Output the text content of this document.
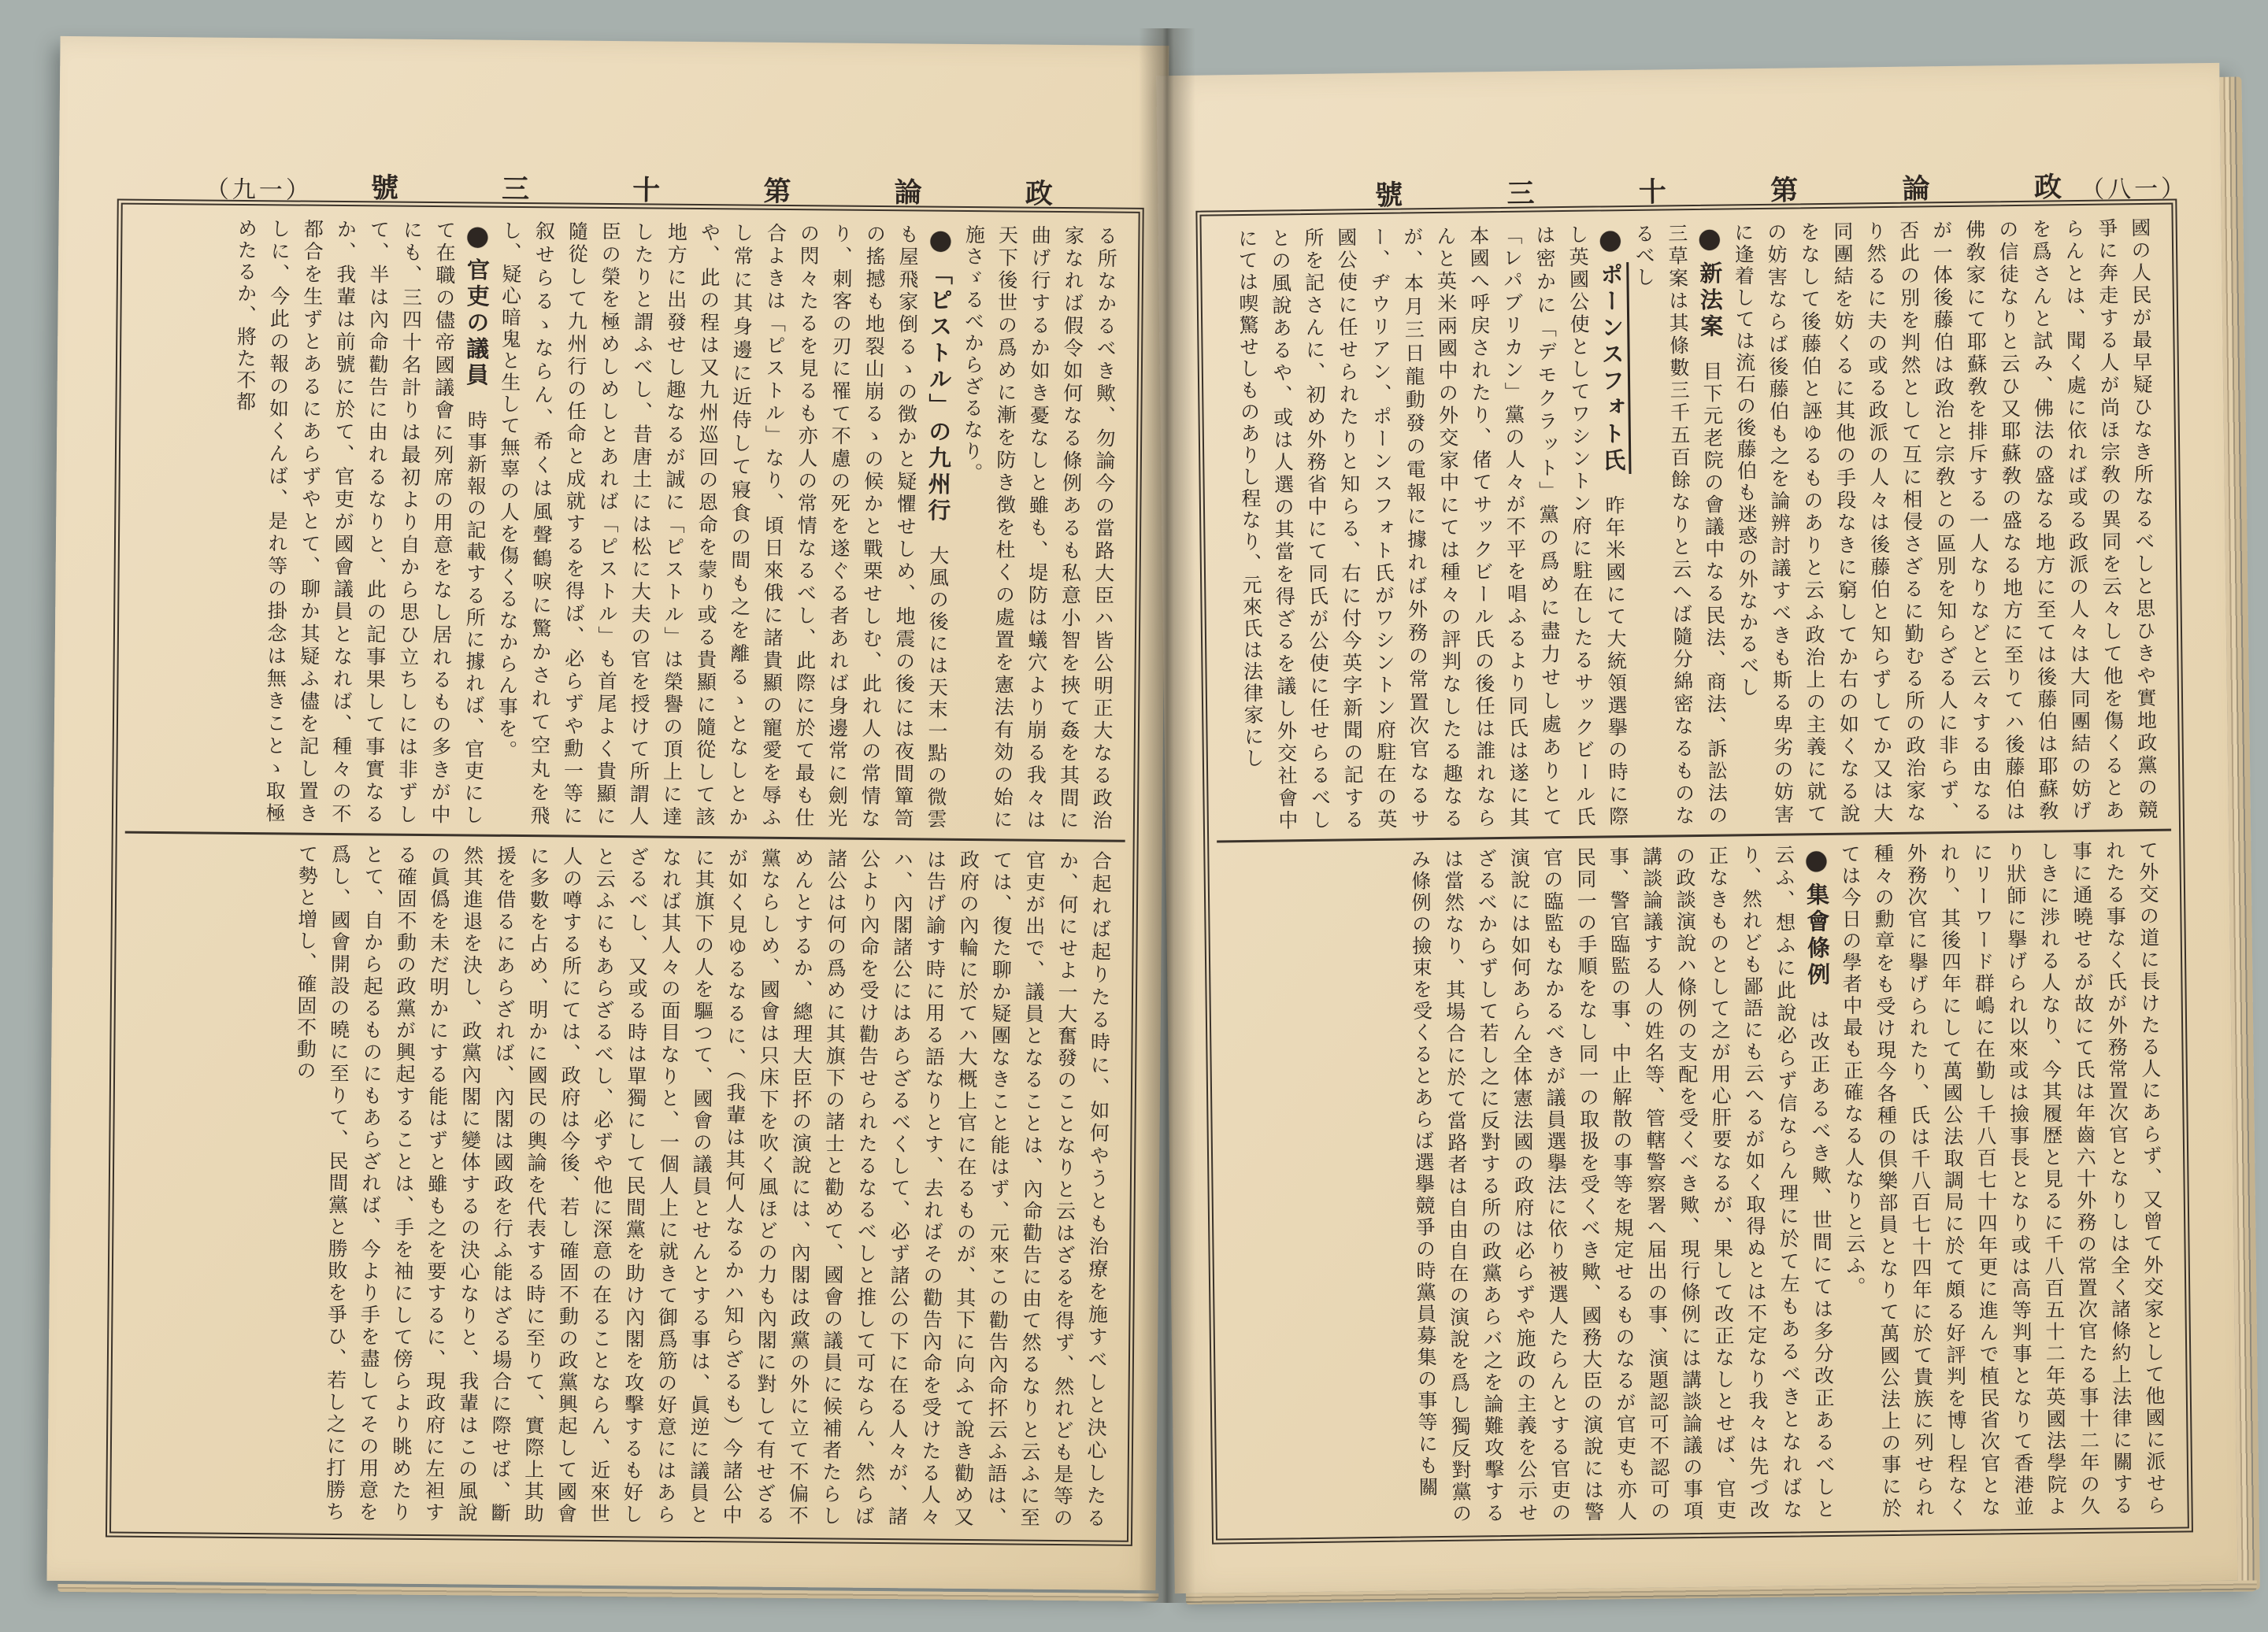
（九一） 號	三	十	第	論	政

る所なかるべき歟、勿論今の當路大臣ハ皆公明正大なる政治家なれば假令如何なる條例あるも私意小智を挾て姦を其間に曲げ行するか如き憂なしと雖も、堤防は蟻穴より崩る我々は天下後世の爲めに漸を防き徴を杜くの處置を憲法有効の始に施さゞるべからざるなり。

●「ピストル」の九州行大風の後には天末一點の微雲も屋飛家倒るゝの徴かと疑懼せしめ、地震の後には夜間簞笥の搖撼も地裂山崩るゝの候かと戰栗せしむ、此れ人の常情なり、刺客の刃に罹て不慮の死を遂ぐる者あれば身邊常に劍光の閃々たるを見るも亦人の常情なるべし、此際に於て最も仕合よきは「ピストル」なり、頃日來俄に諸貴顯の寵愛を辱ふし常に其身邊に近侍して寢食の間も之を離るゝとなしとかや、此の程は又九州巡回の恩命を蒙り或る貴顯に隨從して該地方に出發せし趣なるが誠に「ピストル」は榮譽の頂上に達したりと謂ふべし、昔唐土には松に大夫の官を授けて所謂人臣の榮を極めしめしとあれば「ピストル」も首尾よく貴顯に隨從して九州行の任命と成就するを得ば、必らずや勳一等に叙せらるゝならん、希くは風聲鶴唳に驚かされて空丸を飛し、疑心暗鬼と生して無辜の人を傷くるなからん事を。

●官吏の議員時事新報の記載する所に據れば、官吏にして在職の儘帝國議會に列席の用意をなし居れるもの多きが中にも、三四十名計りは最初より自から思ひ立ちしには非ずして、半は內命勸告に由れるなりと、此の記事果して事實なるか、我輩は前號に於て、官吏が國會議員となれば、種々の不都合を生ずとあるにあらずやとて、聊か其疑ふ儘を記し置きしに、今此の報の如くんば、是れ等の掛念は無きことゝ取極めたるか、將た不都

合起れば起りたる時に、如何やうとも治療を施すべしと決心したるか、何にせよ一大奮發のことなりと云はざるを得ず、然れども是等の官吏が出で、議員となることは、內命勸告に由て然るなりと云ふに至ては、復た聊か疑團なきこと能はず、元來この勸告內命抔云ふ語は、政府の內輪に於てハ大概上官に在るものが、其下に向ふて說き勸め又は告げ諭す時に用る語なりとす、去ればその勸告內命を受けたる人々ハ、內閣諸公にはあらざるべくして、必ず諸公の下に在る人々が、諸公より內命を受け勸告せられたるなるべしと推して可ならん、然らば諸公は何の爲めに其旗下の諸士と勸めて、國會の議員に候補者たらしめんとするか、總理大臣抔の演說には、內閣は政黨の外に立て不偏不黨ならしめ、國會は只床下を吹く風ほどの力も內閣に對して有せざるが如く見ゆるなるに、（我輩は其何人なるかハ知らざるも）今諸公中に其旗下の人を驅つて、國會の議員とせんとする事は、眞逆に議員となれば其人々の面目なりと、一個人上に就きて御爲筋の好意にはあらざるべし、又或る時は單獨にして民間黨を助け內閣を攻擊するも好しと云ふにもあらざるべし、必ずや他に深意の在ることならん、近來世人の噂する所にては、政府は今後、若し確固不動の政黨興起して國會に多數を占め、明かに國民の輿論を代表する時に至りて、實際上其助援を借るにあらざれば、內閣は國政を行ふ能はざる場合に際せば、斷然其進退を決し、政黨內閣に變体するの決心なりと、我輩はこの風說の眞僞を未だ明かにする能はずと雖も之を要するに、現政府に左袒する確固不動の政黨が興起することは、手を袖にして傍らより眺めたりとて、自から起るものにもあらざれば、今より手を盡してその用意を爲し、國會開設の曉に至りて、民間黨と勝敗を爭ひ、若し之に打勝ちて勢と增し、確固不動の

（八一）
號	三	十	第	論	政

國の人民が最早疑ひなき所なるべしと思ひきや實地政黨の競爭に奔走する人が尚ほ宗敎の異同を云々して他を傷くるとあらんとは、聞く處に依れば或る政派の人々は大同團結の妨げを爲さんと試み、佛法の盛なる地方に至ては後藤伯は耶蘇敎の信徒なりと云ひ又耶蘇敎の盛なる地方に至りてハ後藤伯は佛敎家にて耶蘇敎を排斥する一人なりなどと云々する由なるが一体後藤伯は政治と宗敎との區別を知らざる人に非らず、否此の別を判然として互に相侵さざるに勤むる所の政治家なり然るに夫の或る政派の人々は後藤伯と知らずしてか又は大同團結を妨くるに其他の手段なきに窮してか右の如くなる說をなして後藤伯と誣ゆるものありと云ふ政治上の主義に就ての妨害ならば後藤伯も之を論辨討議すべきも斯る卑劣の妨害に逢着しては流石の後藤伯も迷惑の外なかるべし

●新法案目下元老院の會議中なる民法、商法、訴訟法の三草案は其條數三千五百餘なりと云へば隨分綿密なるものなるべし

●ポーンスフォト氏昨年米國にて大統領選擧の時に際し英國公使としてワシントン府に駐在したるサックビール氏は密かに「デモクラット」黨の爲めに盡力せし處ありとて「レパブリカン」黨の人々が不平を唱ふるより同氏は遂に其本國へ呼戻されたり、偖てサックビール氏の後任は誰れならんと英米兩國中の外交家中にては種々の評判なしたる趣なるが、本月三日龍動發の電報に據れば外務の常置次官なるサー、ヂウリアン、ポーンスフォト氏がワシントン府駐在の英國公使に任せられたりと知らる、右に付今英字新聞の記する所を記さんに、初め外務省中にて同氏が公使に任せらるべしとの風說あるや、或は人選の其當を得ざるを議し外交社會中にては喫驚せしものありし程なり、元來氏は法律家にし

て外交の道に長けたる人にあらず、又曾て外交家として他國に派せられたる事なく氏が外務常置次官となりしは全く諸條約上法律に關する事に通曉せるが故にて氏は年齒六十外務の常置次官たる事十二年の久しきに渉れる人なり、今其履歴と見るに千八百五十二年英國法學院より狀師に擧げられ以來或は撿事長となり或は高等判事となりて香港並にリーワード群嶋に在勤し千八百七十四年更に進んで植民省次官となれり、其後四年にして萬國公法取調局に於て頗る好評判を博し程なく外務次官に擧げられたり、氏は千八百七十四年に於て貴族に列せられ種々の勳章をも受け現今各種の倶樂部員となりて萬國公法上の事に於ては今日の學者中最も正確なる人なりと云ふ。

●集會條例は改正あるべき歟、世間にては多分改正あるべしと云ふ、想ふに此說必らず信ならん理に於て左もあるべきとなればなり、然れども鄙語にも云へるが如く取得ぬとは不定なり我々は先づ改正なきものとして之が用心肝要なるが、果して改正なしとせば、官吏の政談演說ハ條例の支配を受くべき歟、現行條例には講談論議の事項講談論議する人の姓名等、管轄警察署へ届出の事、演題認可不認可の事、警官臨監の事、中止解散の事等を規定せるものなるが官吏も亦人民同一の手順をなし同一の取扱を受くべき歟、國務大臣の演說には警官の臨監もなかるべきが議員選擧法に依り被選人たらんとする官吏の演說には如何あらん全体憲法國の政府は必らずや施政の主義を公示せざるべからずして若し之に反對する所の政黨あらバ之を論難攻擊するは當然なり、其場合に於て當路者は自由自在の演說を爲し獨反對黨のみ條例の撿束を受くるとあらば選擧競爭の時黨員募集の事等にも關
